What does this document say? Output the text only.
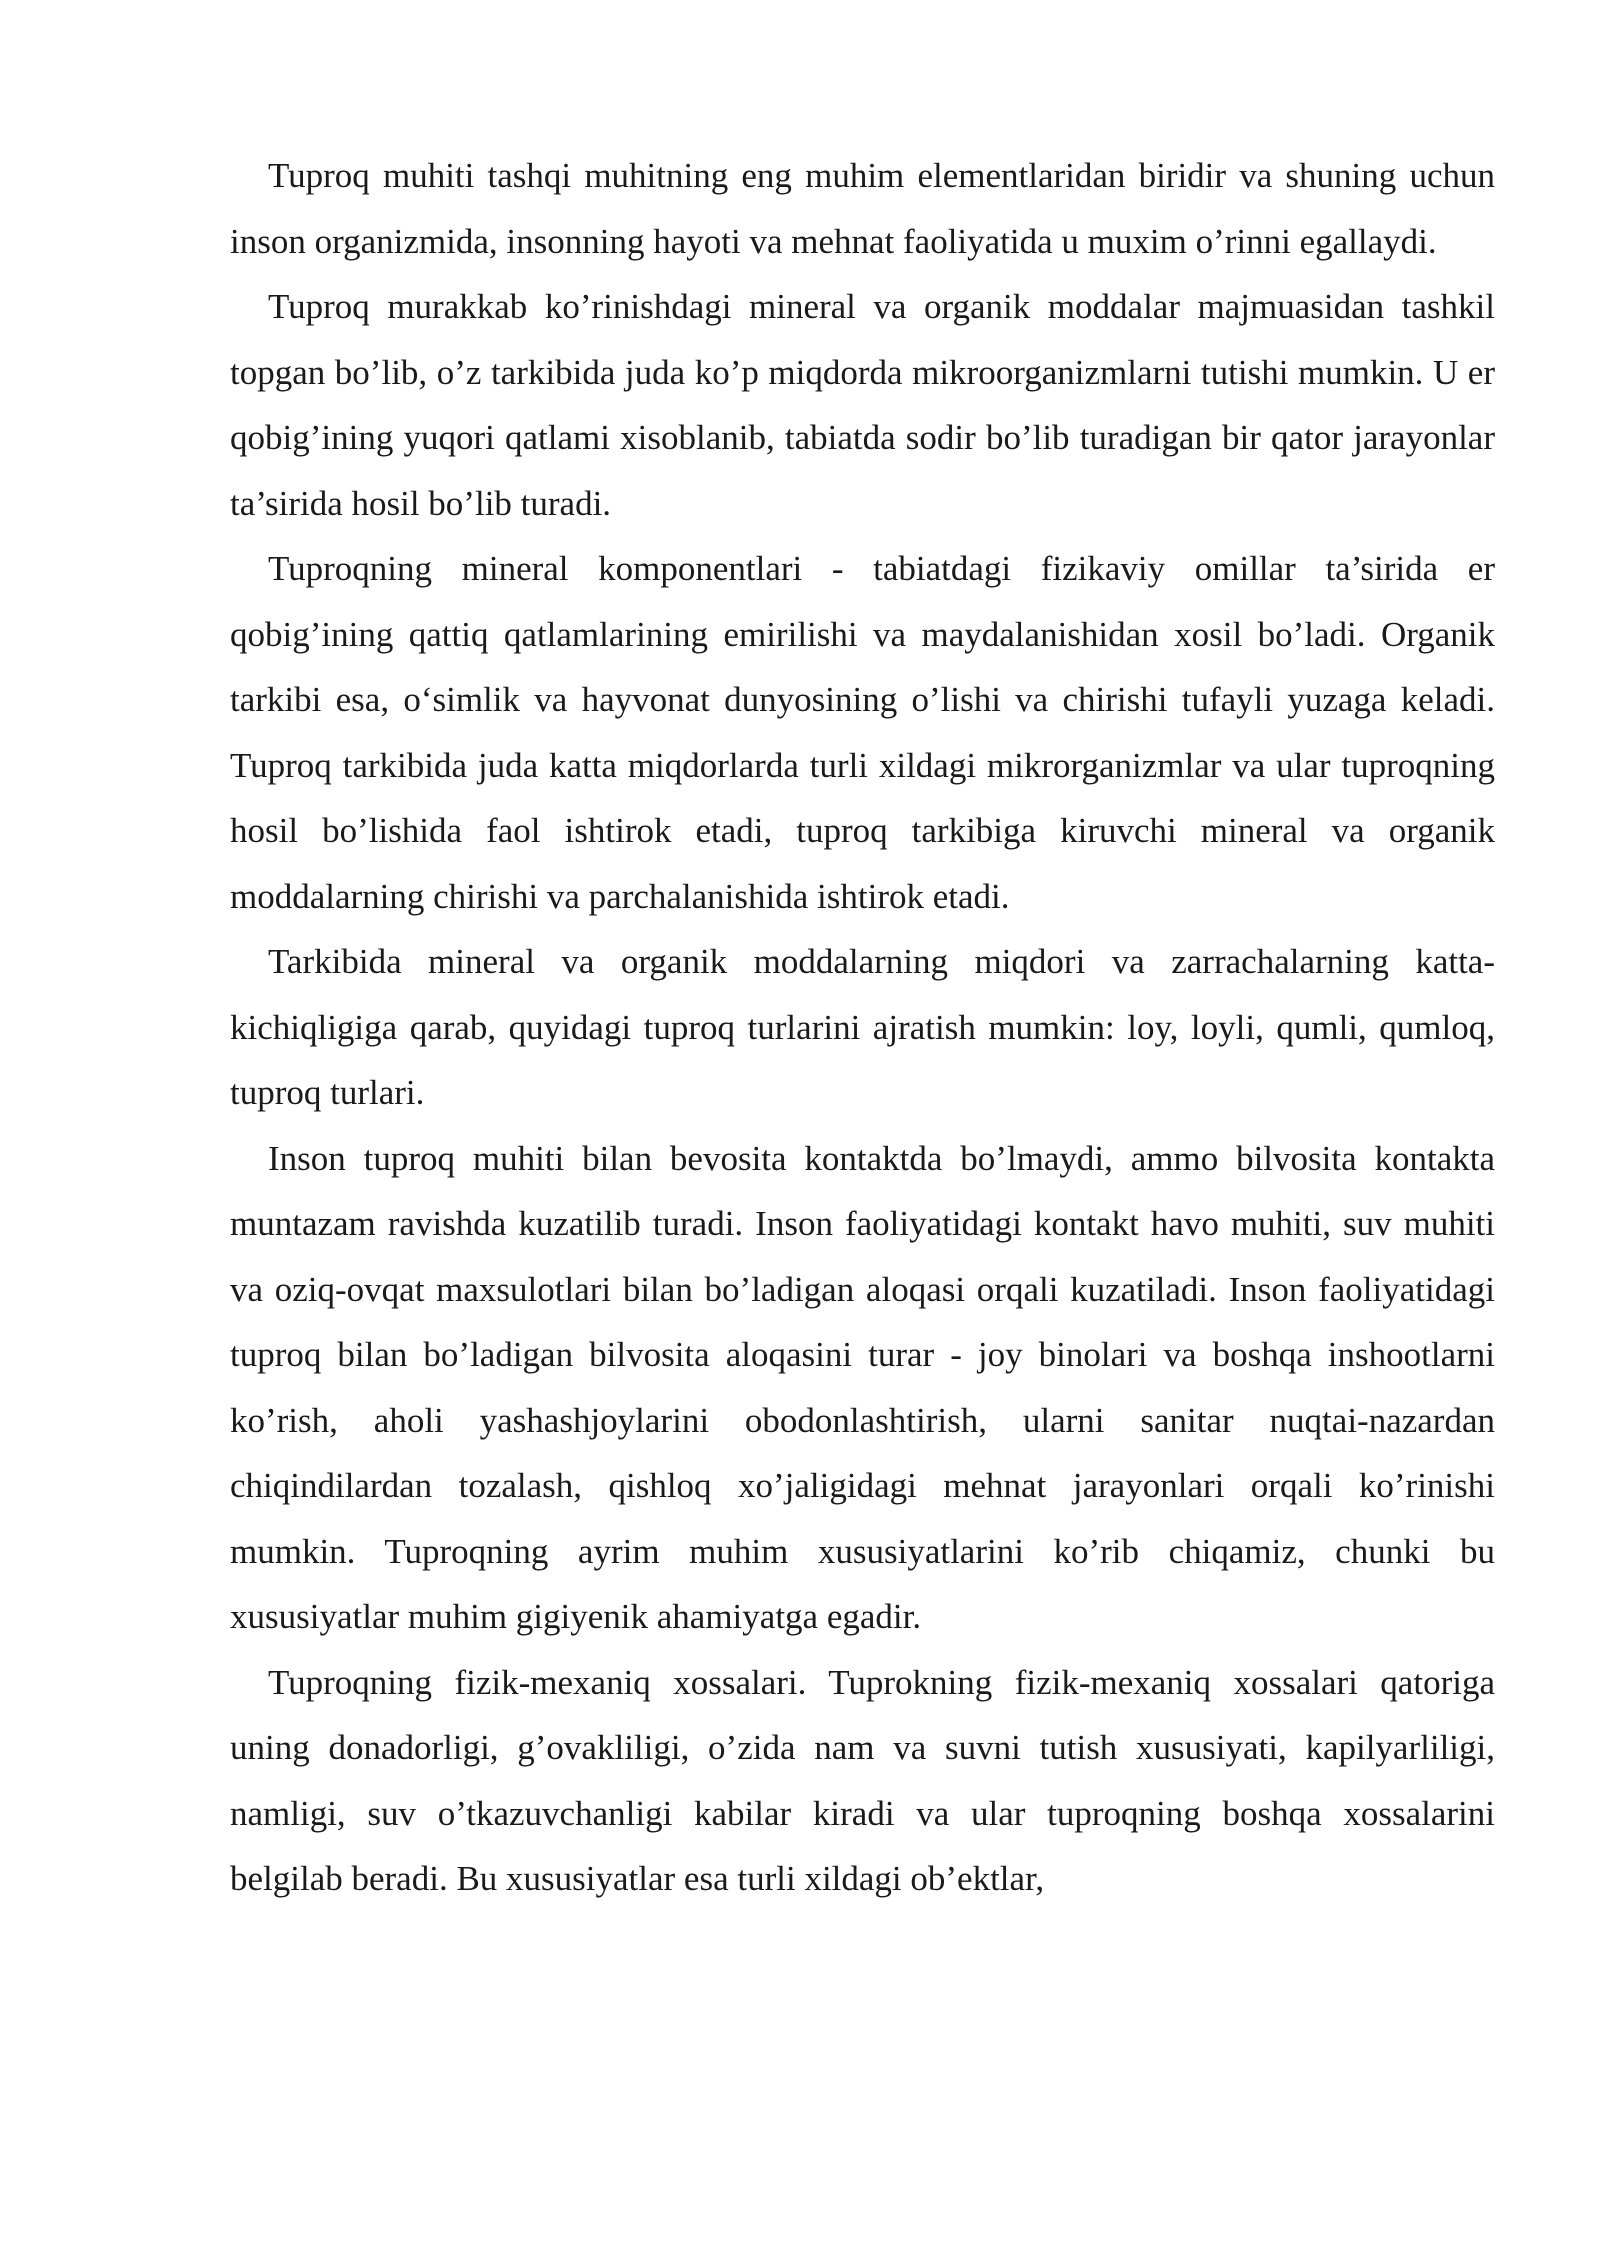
Tuproq muhiti tashqi muhitning eng muhim elementlaridan biridir va shuning uchun inson organizmida, insonning hayoti va mehnat faoliyatida u muxim o’rinni egallaydi.

Tuproq murakkab ko’rinishdagi mineral va organik moddalar majmuasidan tashkil topgan bo’lib, o’z tarkibida juda ko’p miqdorda mikroorganizmlarni tutishi mumkin. U er qobig’ining yuqori qatlami xisoblanib, tabiatda sodir bo’lib turadigan bir qator jarayonlar ta’sirida hosil bo’lib turadi.

Tuproqning mineral komponentlari - tabiatdagi fizikaviy omillar ta’sirida er qobig’ining qattiq qatlamlarining emirilishi va maydalanishidan xosil bo’ladi. Organik tarkibi esa, o‘simlik va hayvonat dunyosining o’lishi va chirishi tufayli yuzaga keladi. Tuproq tarkibida juda katta miqdorlarda turli xildagi mikrorganizmlar va ular tuproqning hosil bo’lishida faol ishtirok etadi, tuproq tarkibiga kiruvchi mineral va organik moddalarning chirishi va parchalanishida ishtirok etadi.

Tarkibida mineral va organik moddalarning miqdori va zarrachalarning katta-kichiqligiga qarab, quyidagi tuproq turlarini ajratish mumkin: loy, loyli, qumli, qumloq, tuproq turlari.

Inson tuproq muhiti bilan bevosita kontaktda bo’lmaydi, ammo bilvosita kontakta muntazam ravishda kuzatilib turadi. Inson faoliyatidagi kontakt havo muhiti, suv muhiti va oziq-ovqat maxsulotlari bilan bo’ladigan aloqasi orqali kuzatiladi. Inson faoliyatidagi tuproq bilan bo’ladigan bilvosita aloqasini turar - joy binolari va boshqa inshootlarni ko’rish, aholi yashashjoylarini obodonlashtirish, ularni sanitar nuqtai-nazardan chiqindilardan tozalash, qishloq xo’jaligidagi mehnat jarayonlari orqali ko’rinishi mumkin. Tuproqning ayrim muhim xususiyatlarini ko’rib chiqamiz, chunki bu xususiyatlar muhim gigiyenik ahamiyatga egadir.

Tuproqning fizik-mexaniq xossalari. Tuprokning fizik-mexaniq xossalari qatoriga uning donadorligi, g’ovakliligi, o’zida nam va suvni tutish xususiyati, kapilyarliligi, namligi, suv o’tkazuvchanligi kabilar kiradi va ular tuproqning boshqa xossalarini belgilab beradi. Bu xususiyatlar esa turli xildagi ob’ektlar,
